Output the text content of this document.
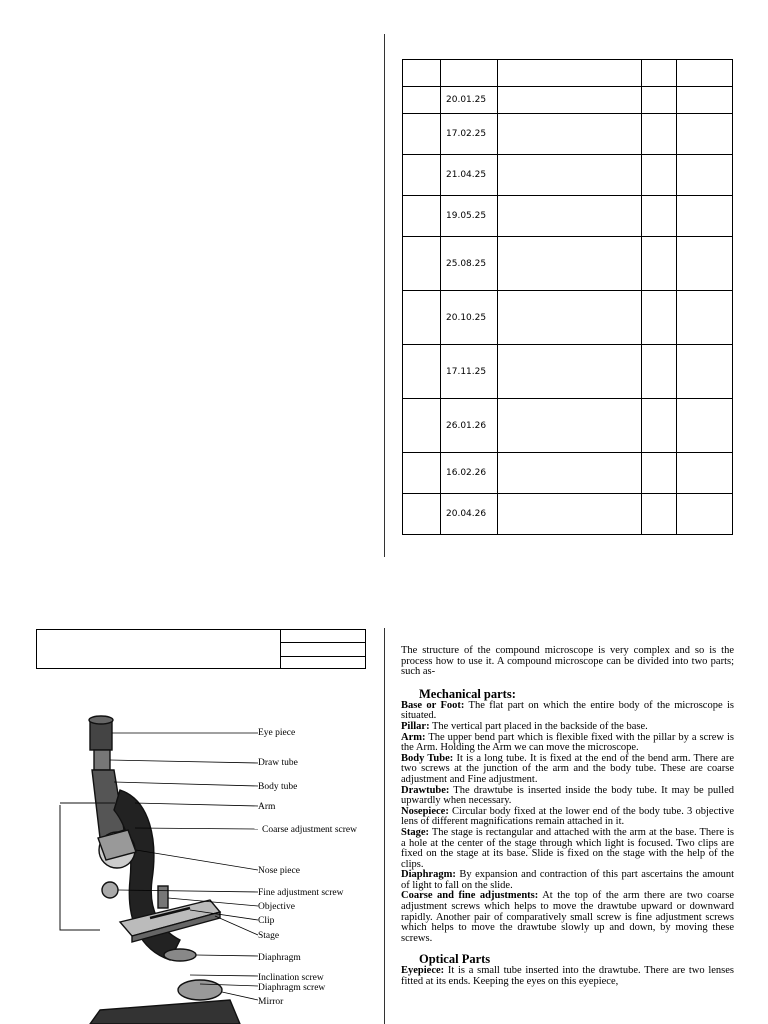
	20.01.25			
	17.02.25			
	21.04.25			
	19.05.25			
	25.08.25			
	20.10.25			
	17.11.25			
	26.01.26			
	16.02.26			
	20.04.26			
Eye piece
Draw tube
Body tube
Arm
Coarse adjustment screw
Nose piece
Fine adjustment screw
Objective
Clip
Stage
Diaphragm
Inclination screw
Diaphragm screw
Mirror

The structure of the compound microscope is very complex and so is the process how to use it. A compound microscope can be divided into two parts; such as-

Mechanical parts:

Base or Foot: The flat part on which the entire body of the microscope is situated.

Pillar: The vertical part placed in the backside of the base.

Arm: The upper bend part which is flexible fixed with the pillar by a screw is the Arm. Holding the Arm we can move the microscope.

Body Tube: It is a long tube. It is fixed at the end of the bend arm. There are two screws at the junction of the arm and the body tube. These are coarse adjustment and Fine adjustment.

Drawtube: The drawtube is inserted inside the body tube. It may be pulled upwardly when necessary.

Nosepiece: Circular body fixed at the lower end of the body tube. 3 objective lens of different magnifications remain attached in it.

Stage: The stage is rectangular and attached with the arm at the base. There is a hole at the center of the stage through which light is focused. Two clips are fixed on the stage at its base. Slide is fixed on the stage with the help of the clips.

Diaphragm: By expansion and contraction of this part ascertains the amount of light to fall on the slide.

Coarse and fine adjustments: At the top of the arm there are two coarse adjustment screws which helps to move the drawtube upward or downward rapidly. Another pair of comparatively small screw is fine adjustment screws which helps to move the drawtube slowly up and down, by moving these screws.

Optical Parts

Eyepiece: It is a small tube inserted into the drawtube. There are two lenses fitted at its ends. Keeping the eyes on this eyepiece,
